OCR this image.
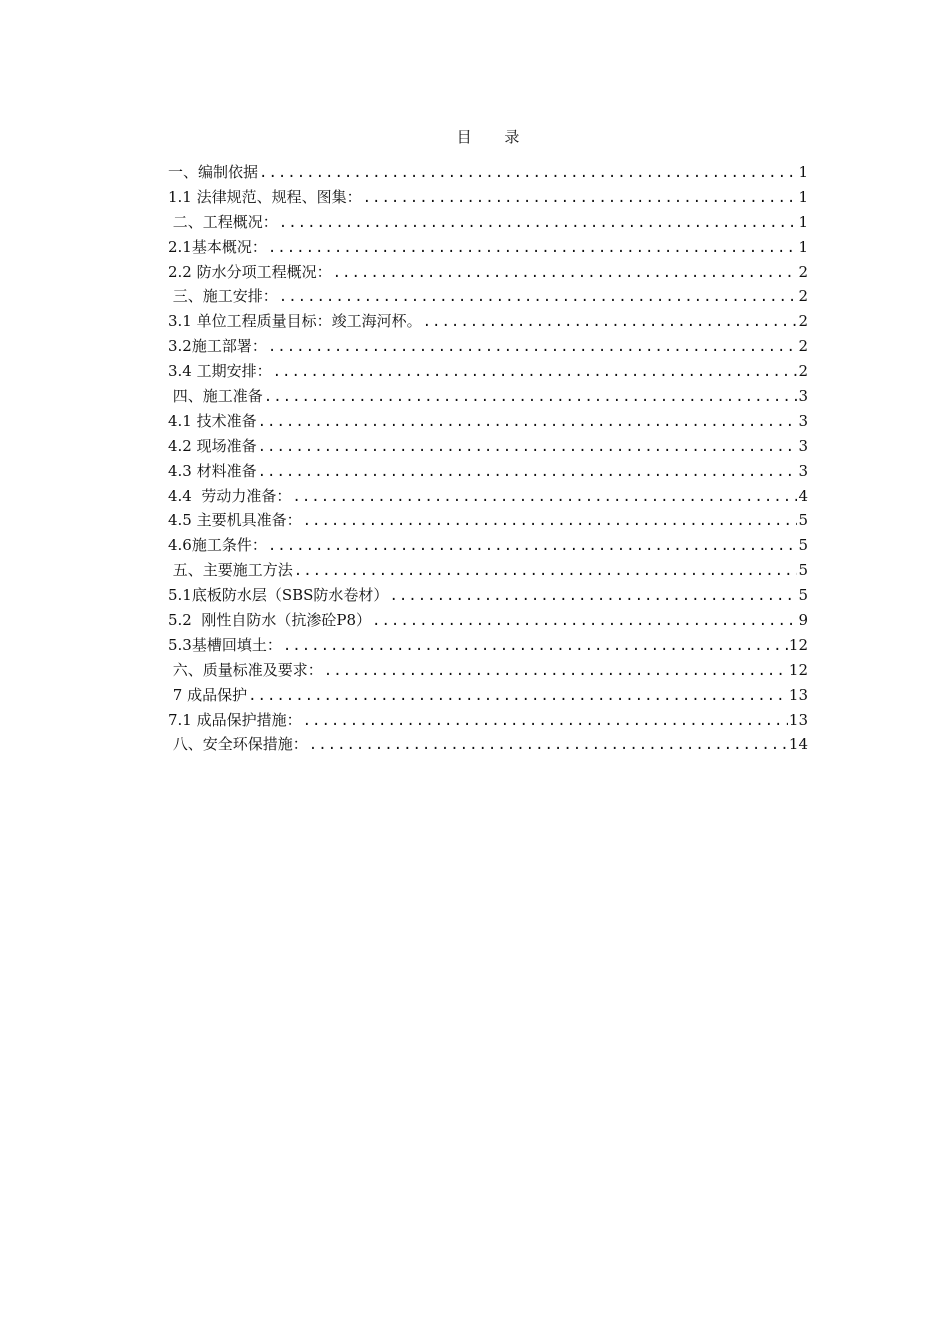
目 录
一、编制依据 .....	1
1.1 法律规范、规程、图集： .....	1
二、工程概况： .....	1
2.1基本概况： .....	1
2.2 防水分项工程概况： .....	2
三、施工安排： .....	2
3.1 单位工程质量目标：竣工海河杯。 .....	2
3.2施工部署： .....	2
3.4 工期安排： .....	2
四、施工准备 .....	3
4.1 技术准备 .....	3
4.2 现场准备 .....	3
4.3 材料准备 .....	3
4.4  劳动力准备： .....	4
4.5 主要机具准备： .....	5
4.6施工条件： .....	5
五、主要施工方法 .....	5
5.1底板防水层（SBS防水卷材） .....	5
5.2  刚性自防水（抗渗砼P8） .....	9
5.3基槽回填土： .....	12
六、质量标准及要求： .....	12
7 成品保护 .....	13
7.1 成品保护措施： .....	13
八、安全环保措施： .....	14
